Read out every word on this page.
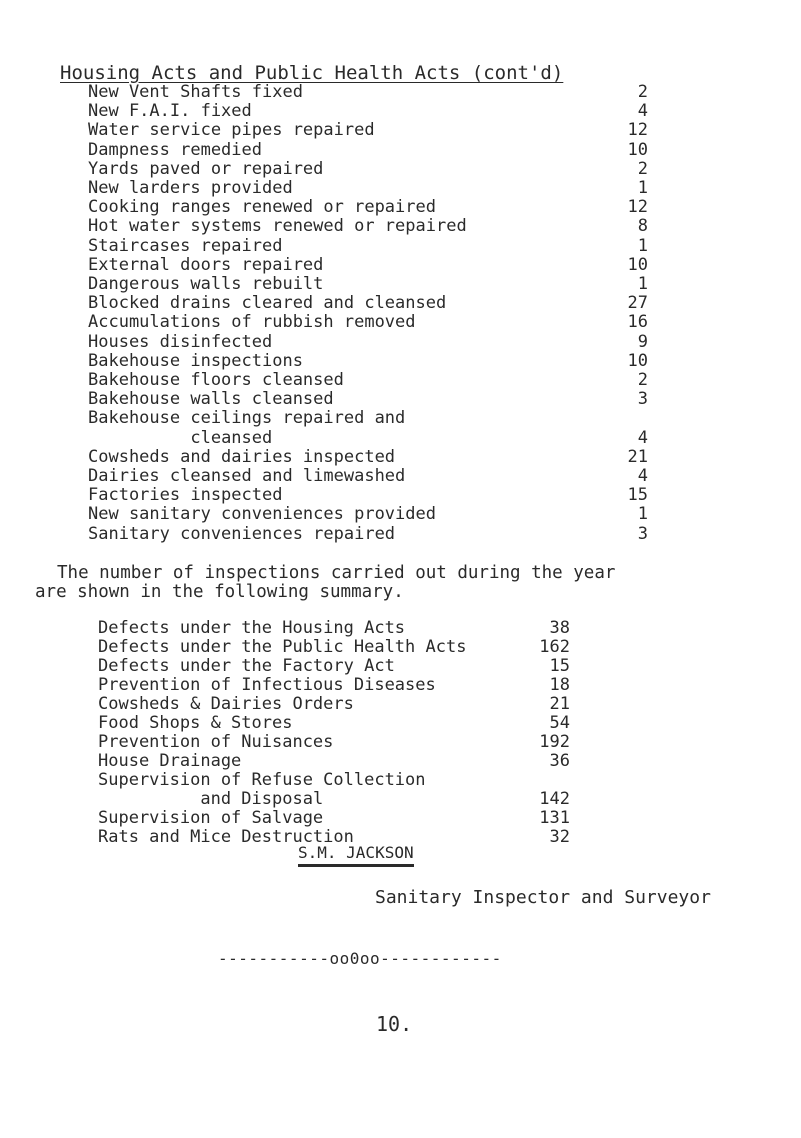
Housing Acts and Public Health Acts (cont'd)
New Vent Shafts fixed	2
New F.A.I. fixed	4
Water service pipes repaired	12
Dampness remedied	10
Yards paved or repaired	2
New larders provided	1
Cooking ranges renewed or repaired	12
Hot water systems renewed or repaired	8
Staircases repaired	1
External doors repaired	10
Dangerous walls rebuilt	1
Blocked drains cleared and cleansed	27
Accumulations of rubbish removed	16
Houses disinfected	9
Bakehouse inspections	10
Bakehouse floors cleansed	2
Bakehouse walls cleansed	3
Bakehouse ceilings repaired and
cleansed	4
Cowsheds and dairies inspected	21
Dairies cleansed and limewashed	4
Factories inspected	15
New sanitary conveniences provided	1
Sanitary conveniences repaired	3
The number of inspections carried out during the year
are shown in the following summary.
Defects under the Housing Acts	38
Defects under the Public Health Acts	162
Defects under the Factory Act	15
Prevention of Infectious Diseases	18
Cowsheds & Dairies Orders	21
Food Shops & Stores	54
Prevention of Nuisances	192
House Drainage	36
Supervision of Refuse Collection
and Disposal	142
Supervision of Salvage	131
Rats and Mice Destruction	32
S.M. JACKSON
Sanitary Inspector and Surveyor
-----------oo0oo------------
10.
